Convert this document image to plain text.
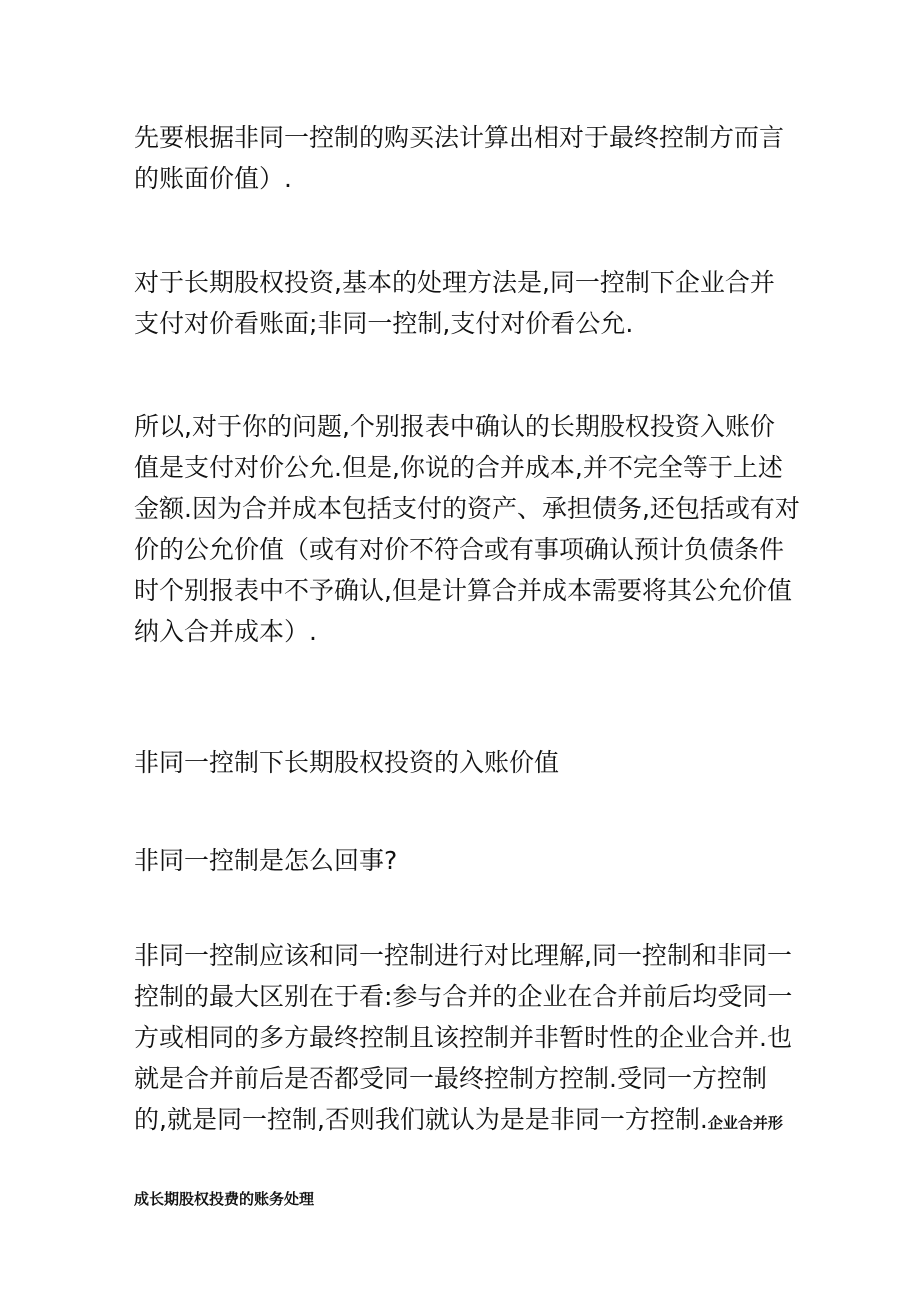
先要根据非同一控制的购买法计算出相对于最终控制方而言
的账面价值）.
对于长期股权投资,基本的处理方法是,同一控制下企业合并
支付对价看账面;非同一控制,支付对价看公允.
所以,对于你的问题,个别报表中确认的长期股权投资入账价
值是支付对价公允.但是,你说的合并成本,并不完全等于上述
金额.因为合并成本包括支付的资产、承担债务,还包括或有对
价的公允价值（或有对价不符合或有事项确认预计负债条件
时个别报表中不予确认,但是计算合并成本需要将其公允价值
纳入合并成本）.
非同一控制下长期股权投资的入账价值
非同一控制是怎么回事?
非同一控制应该和同一控制进行对比理解,同一控制和非同一
控制的最大区别在于看:参与合并的企业在合并前后均受同一
方或相同的多方最终控制且该控制并非暂时性的企业合并.也
就是合并前后是否都受同一最终控制方控制.受同一方控制
的,就是同一控制,否则我们就认为是是非同一方控制.企业合并形
成长期股权投费的账务处理
